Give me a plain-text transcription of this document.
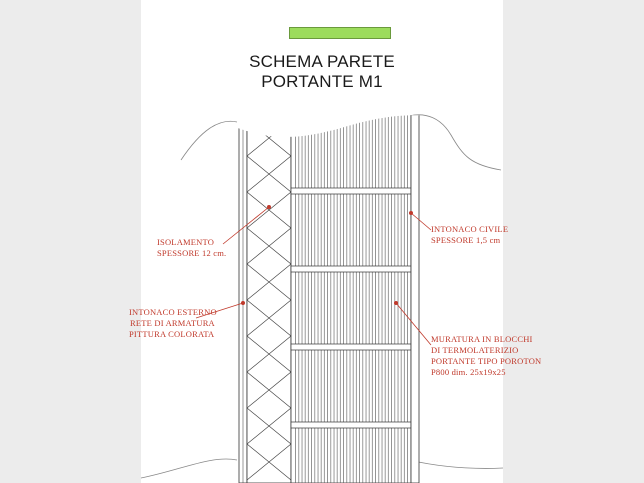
SCHEMA PARETE
PORTANTE M1
ISOLAMENTO
SPESSORE 12 cm.
INTONACO CIVILE
SPESSORE 1,5 cm
INTONACO ESTERNO
RETE DI ARMATURA
PITTURA COLORATA	MURATURA IN BLOCCHI
DI TERMOLATERIZIO
PORTANTE TIPO POROTON
P800 dim. 25x19x25
